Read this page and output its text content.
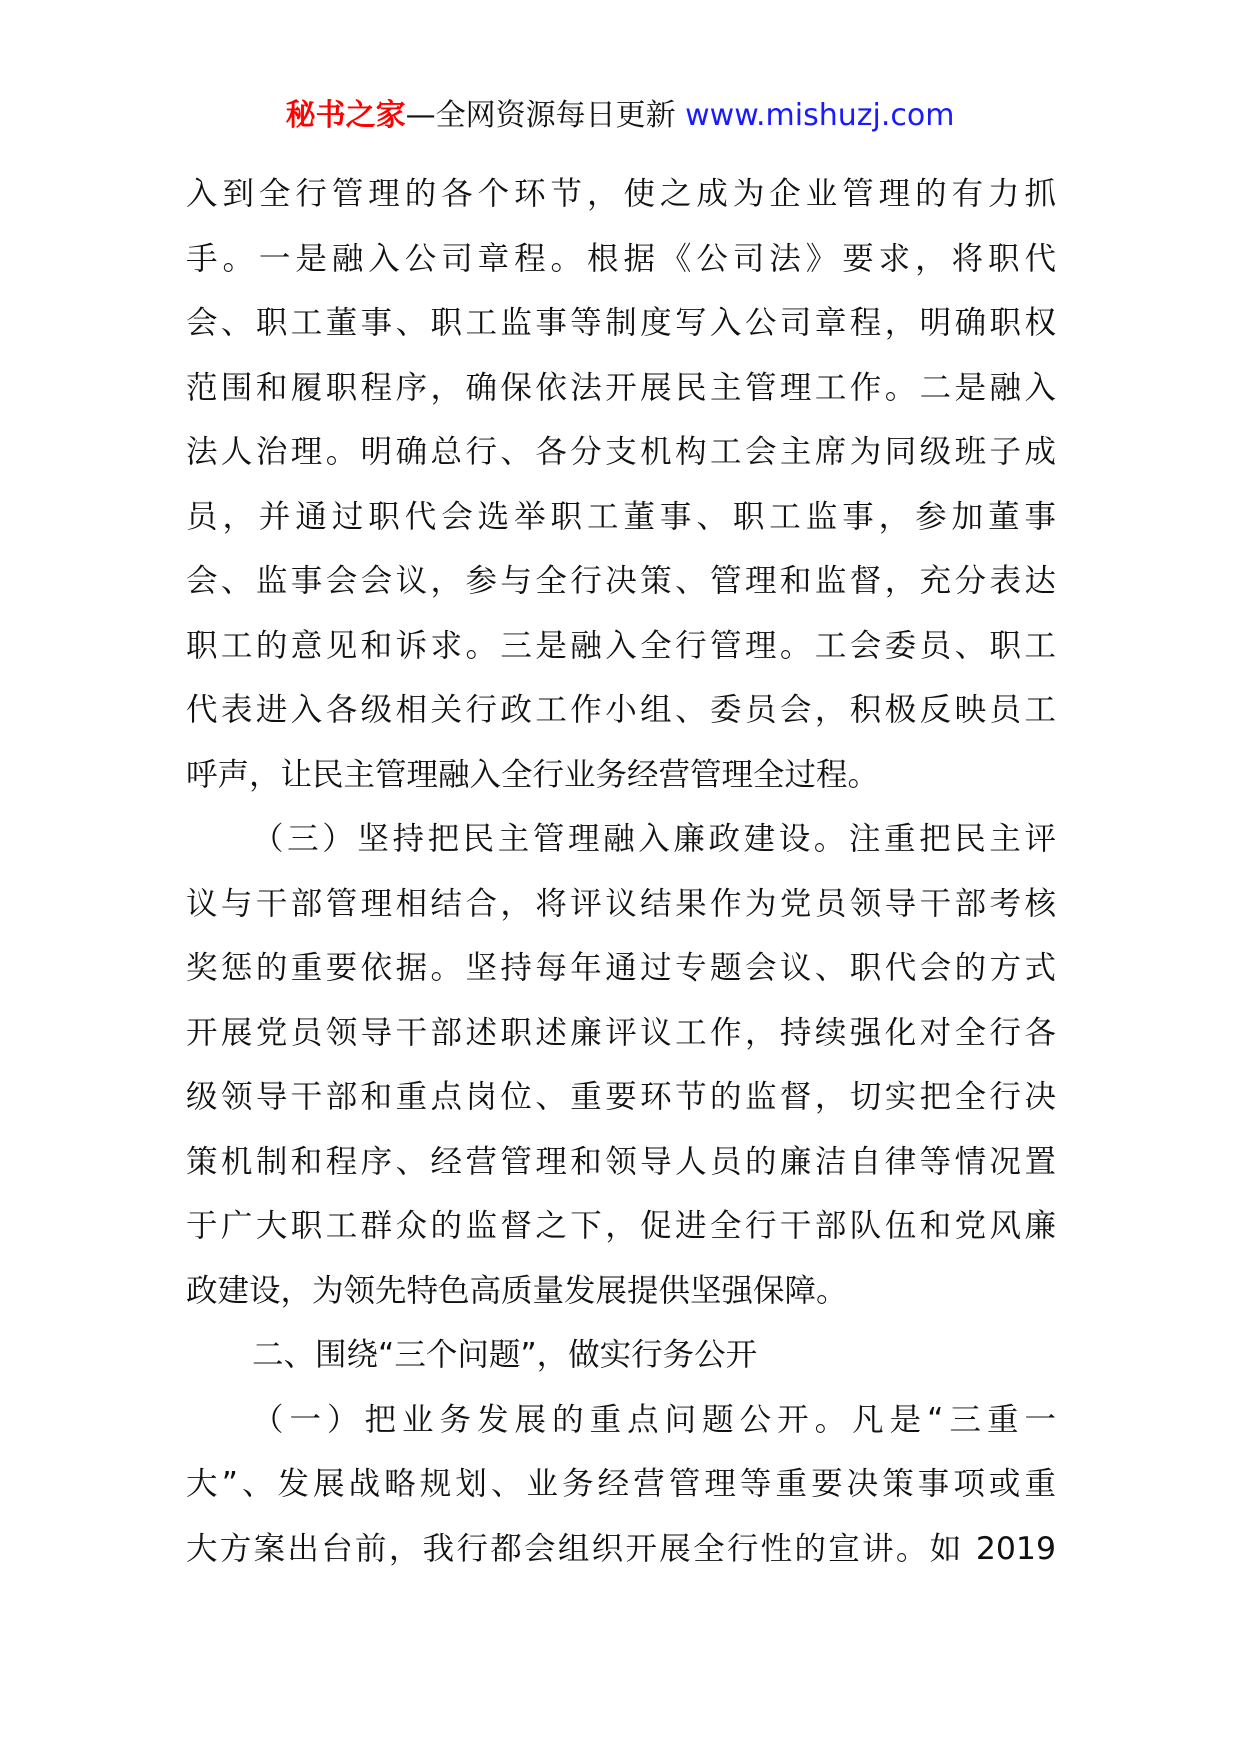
秘书之家—全网资源每日更新 www.mishuzj.com
入到全行管理的各个环节，使之成为企业管理的有力抓
手。一是融入公司章程。根据《公司法》要求，将职代
会、职工董事、职工监事等制度写入公司章程，明确职权
范围和履职程序，确保依法开展民主管理工作。二是融入
法人治理。明确总行、各分支机构工会主席为同级班子成
员，并通过职代会选举职工董事、职工监事，参加董事
会、监事会会议，参与全行决策、管理和监督，充分表达
职工的意见和诉求。三是融入全行管理。工会委员、职工
代表进入各级相关行政工作小组、委员会，积极反映员工
呼声，让民主管理融入全行业务经营管理全过程。
（三）坚持把民主管理融入廉政建设。注重把民主评
议与干部管理相结合，将评议结果作为党员领导干部考核
奖惩的重要依据。坚持每年通过专题会议、职代会的方式
开展党员领导干部述职述廉评议工作，持续强化对全行各
级领导干部和重点岗位、重要环节的监督，切实把全行决
策机制和程序、经营管理和领导人员的廉洁自律等情况置
于广大职工群众的监督之下，促进全行干部队伍和党风廉
政建设，为领先特色高质量发展提供坚强保障。
二、围绕“三个问题”，做实行务公开
（一）把业务发展的重点问题公开。凡是“三重一
大”、发展战略规划、业务经营管理等重要决策事项或重
大方案出台前，我行都会组织开展全行性的宣讲。如 2019
